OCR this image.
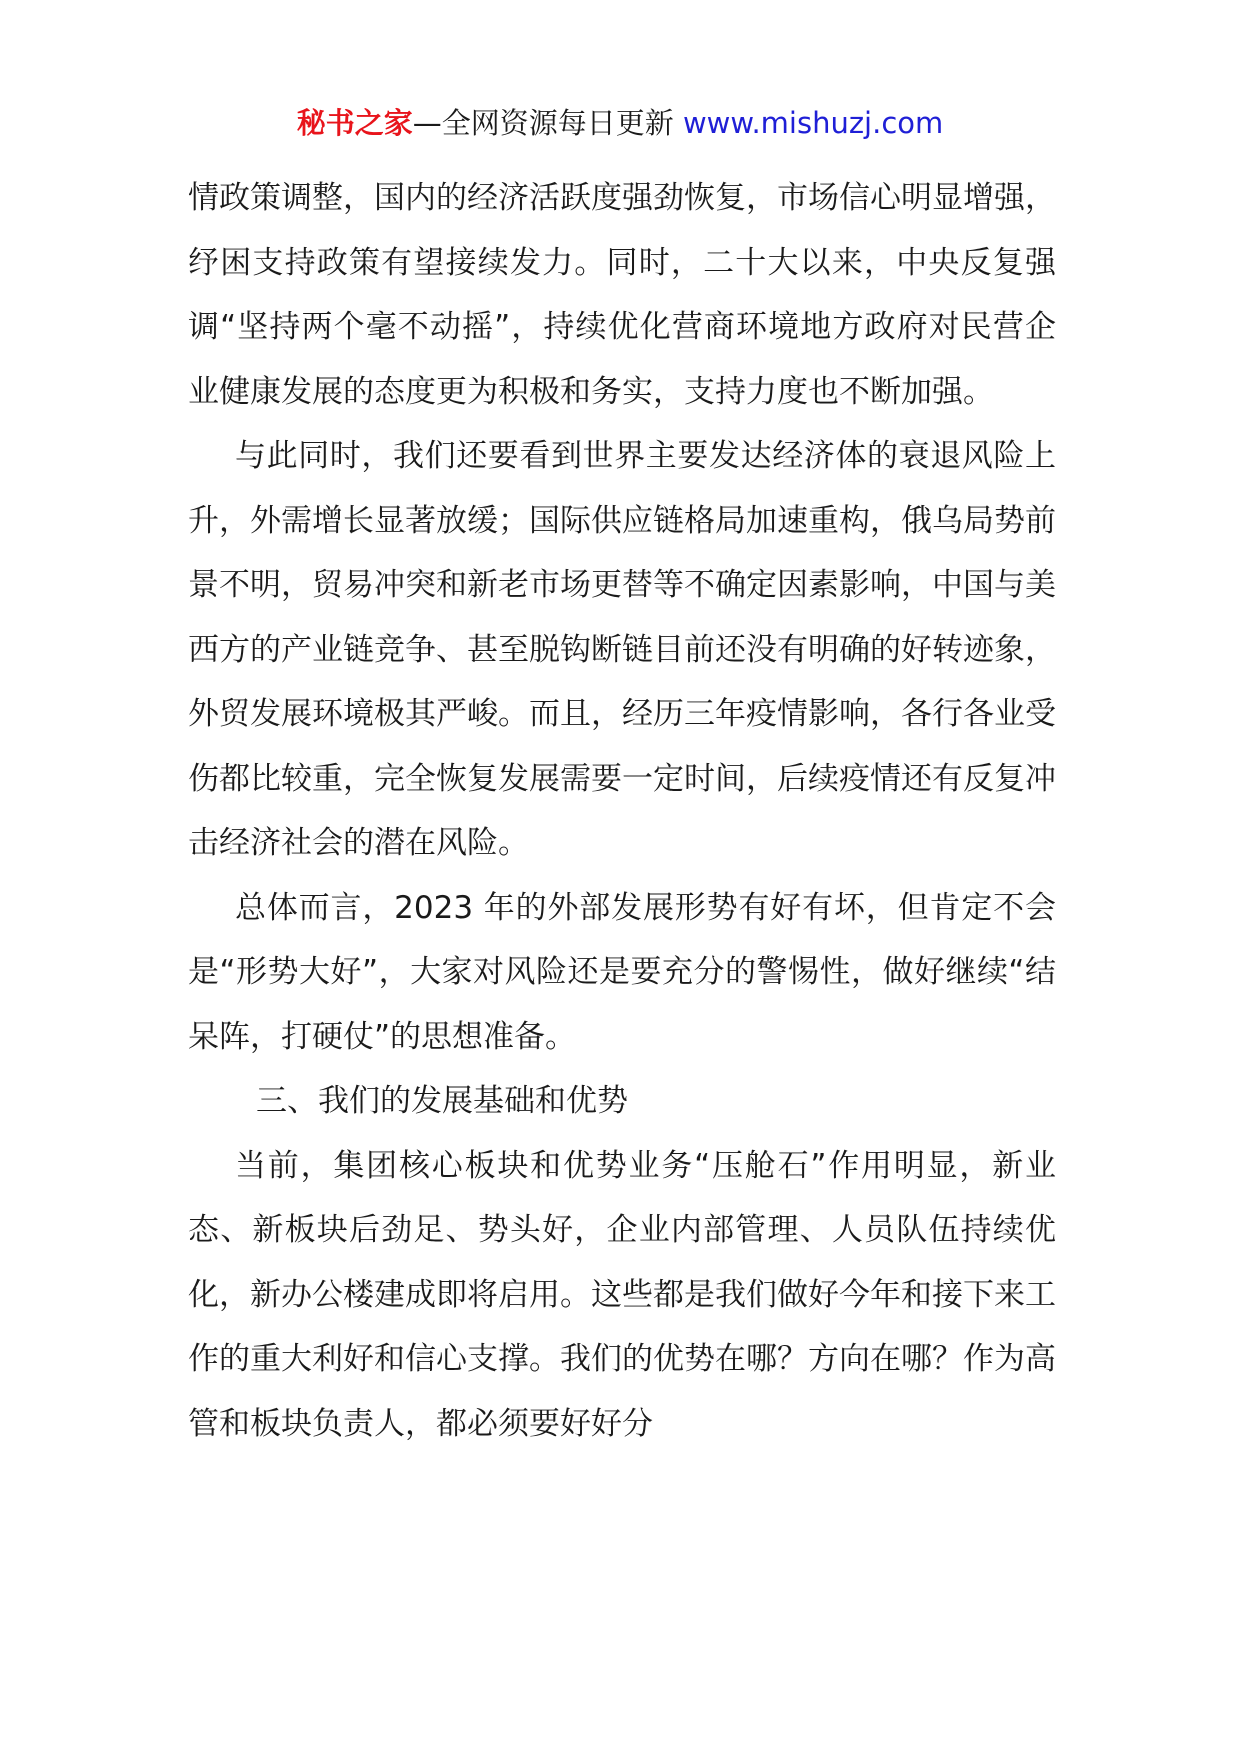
秘书之家—全网资源每日更新 www.mishuzj.com

情政策调整，国内的经济活跃度强劲恢复，市场信心明显增强，纾困支持政策有望接续发力。同时，二十大以来，中央反复强调“坚持两个毫不动摇”，持续优化营商环境地方政府对民营企业健康发展的态度更为积极和务实，支持力度也不断加强。

与此同时，我们还要看到世界主要发达经济体的衰退风险上升，外需增长显著放缓；国际供应链格局加速重构，俄乌局势前景不明，贸易冲突和新老市场更替等不确定因素影响，中国与美西方的产业链竞争、甚至脱钩断链目前还没有明确的好转迹象，外贸发展环境极其严峻。而且，经历三年疫情影响，各行各业受伤都比较重，完全恢复发展需要一定时间，后续疫情还有反复冲击经济社会的潜在风险。

总体而言，2023 年的外部发展形势有好有坏，但肯定不会是“形势大好”，大家对风险还是要充分的警惕性，做好继续“结呆阵，打硬仗”的思想准备。

三、我们的发展基础和优势

当前，集团核心板块和优势业务“压舱石”作用明显，新业态、新板块后劲足、势头好，企业内部管理、人员队伍持续优化，新办公楼建成即将启用。这些都是我们做好今年和接下来工作的重大利好和信心支撑。我们的优势在哪？方向在哪？作为高管和板块负责人，都必须要好好分
